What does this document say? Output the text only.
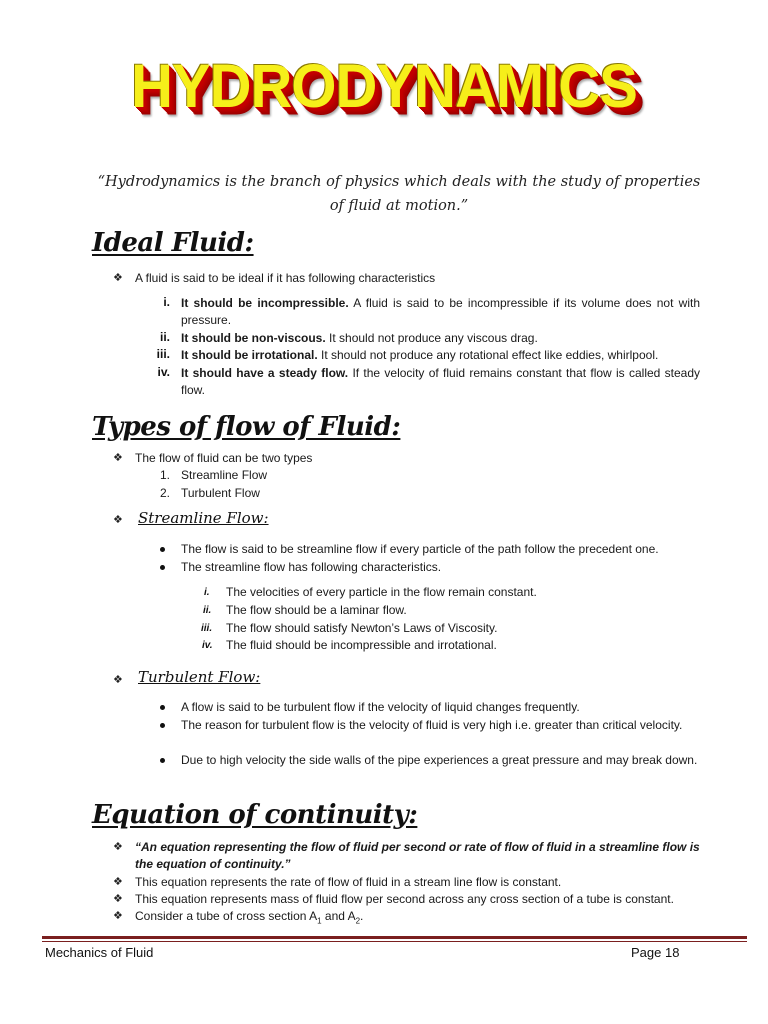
HYDRODYNAMICS
“Hydrodynamics is the branch of physics which deals with the study of properties of fluid at motion.”
Ideal Fluid:
❖ A fluid is said to be ideal if it has following characteristics
i. It should be incompressible. A fluid is said to be incompressible if its volume does not with pressure.
ii. It should be non-viscous. It should not produce any viscous drag.
iii. It should be irrotational. It should not produce any rotational effect like eddies, whirlpool.
iv. It should have a steady flow. If the velocity of fluid remains constant that flow is called steady flow.
Types of flow of Fluid:
❖ The flow of fluid can be two types
1. Streamline Flow
2. Turbulent Flow
❖ Streamline Flow:
The flow is said to be streamline flow if every particle of the path follow the precedent one.
The streamline flow has following characteristics.
i. The velocities of every particle in the flow remain constant.
ii. The flow should be a laminar flow.
iii. The flow should satisfy Newton’s Laws of Viscosity.
iv. The fluid should be incompressible and irrotational.
❖ Turbulent Flow:
A flow is said to be turbulent flow if the velocity of liquid changes frequently.
The reason for turbulent flow is the velocity of fluid is very high i.e. greater than critical velocity.
Due to high velocity the side walls of the pipe experiences a great pressure and may break down.
Equation of continuity:
❖ “An equation representing the flow of fluid per second or rate of flow of fluid in a streamline flow is the equation of continuity.”
❖ This equation represents the rate of flow of fluid in a stream line flow is constant.
❖ This equation represents mass of fluid flow per second across any cross section of a tube is constant.
❖ Consider a tube of cross section $A_1$ and $A_2$.
Mechanics of Fluid	Page 18
